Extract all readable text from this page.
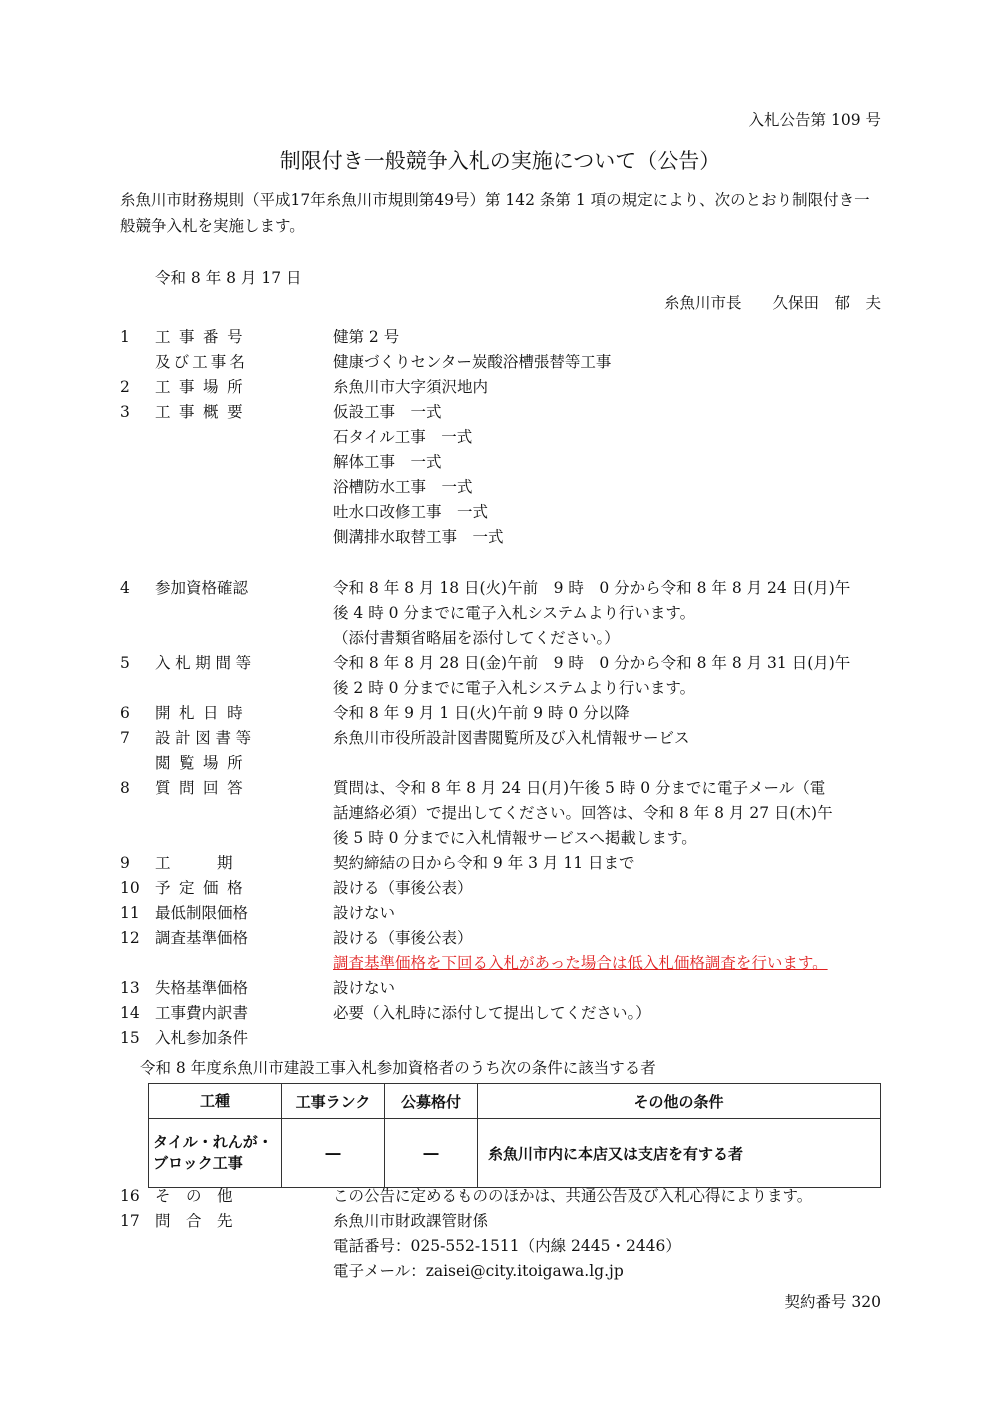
入札公告第 109 号
制限付き一般競争入札の実施について（公告）
糸魚川市財務規則（平成17年糸魚川市規則第49号）第 142 条第 1 項の規定により、次のとおり制限付き一般競争入札を実施します。
令和 8 年 8 月 17 日
糸魚川市長　　久保田　郁　夫
1	工事番号	健第 2 号
及び工事名	健康づくりセンター炭酸浴槽張替等工事
2	工事場所	糸魚川市大字須沢地内
3	工事概要	仮設工事　一式
石タイル工事　一式
解体工事　一式
浴槽防水工事　一式
吐水口改修工事　一式
側溝排水取替工事　一式
4	参加資格確認	令和 8 年 8 月 18 日(火)午前　9 時　0 分から令和 8 年 8 月 24 日(月)午
後 4 時 0 分までに電子入札システムより行います。
（添付書類省略届を添付してください。）
5	入札期間等	令和 8 年 8 月 28 日(金)午前　9 時　0 分から令和 8 年 8 月 31 日(月)午
後 2 時 0 分までに電子入札システムより行います。
6	開札日時	令和 8 年 9 月 1 日(火)午前 9 時 0 分以降
7	設計図書等	糸魚川市役所設計図書閲覧所及び入札情報サービス
閲覧場所
8	質問回答	質問は、令和 8 年 8 月 24 日(月)午後 5 時 0 分までに電子メール（電
話連絡必須）で提出してください。回答は、令和 8 年 8 月 27 日(木)午
後 5 時 0 分までに入札情報サービスへ掲載します。
9	工　　　期	契約締結の日から令和 9 年 3 月 11 日まで
10 予定価格	設ける（事後公表）
11 最低制限価格	設けない
12 調査基準価格	設ける（事後公表）
調査基準価格を下回る入札があった場合は低入札価格調査を行います。
13 失格基準価格	設けない
14 工事費内訳書	必要（入札時に添付して提出してください。）
15 入札参加条件
令和 8 年度糸魚川市建設工事入札参加資格者のうち次の条件に該当する者
工種	工事ランク	公募格付	その他の条件
タイル・れんが・ブロック工事	―	―	糸魚川市内に本店又は支店を有する者
16 そ　の　他	この公告に定めるもののほかは、共通公告及び入札心得によります。
17 問　合　先	糸魚川市財政課管財係
電話番号：025-552-1511（内線 2445・2446）
電子メール：zaisei@city.itoigawa.lg.jp
契約番号 320
